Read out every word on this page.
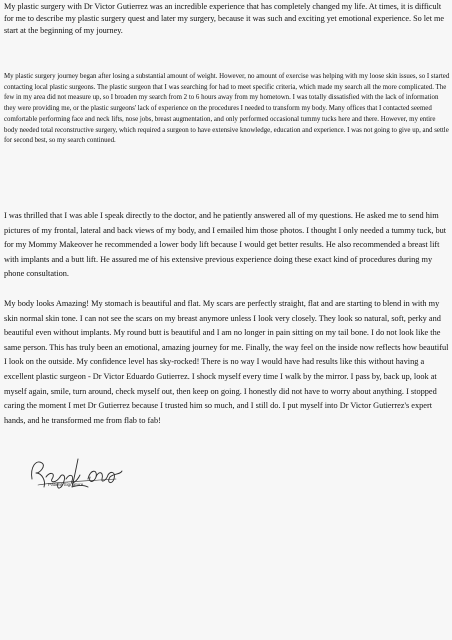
My plastic surgery with Dr Victor Gutierrez was an incredible experience that has completely changed my life. At times, it is difficult for me to describe my plastic surgery quest and later my surgery, because it was such and exciting yet emotional experience. So let me start at the beginning of my journey.

My plastic surgery journey began after losing a substantial amount of weight. However, no amount of exercise was helping with my loose skin issues, so I started contacting local plastic surgeons. The plastic surgeon that I was searching for had to meet specific criteria, which made my search all the more complicated. The few in my area did not measure up, so I broaden my search from 2 to 6 hours away from my hometown. I was totally dissatisfied with the lack of information they were providing me, or the plastic surgeons' lack of experience on the procedures I needed to transform my body. Many offices that I contacted seemed comfortable performing face and neck lifts, nose jobs, breast augmentation, and only performed occasional tummy tucks here and there. However, my entire body needed total reconstructive surgery, which required a surgeon to have extensive knowledge, education and experience. I was not going to give up, and settle for second best, so my search continued.

I was thrilled that I was able I speak directly to the doctor, and he patiently answered all of my questions. He asked me to send him pictures of my frontal, lateral and back views of my body, and I emailed him those photos. I thought I only needed a tummy tuck, but for my Mommy Makeover he recommended a lower body lift because I would get better results. He also recommended a breast lift with implants and a butt lift. He assured me of his extensive previous experience doing these exact kind of procedures during my phone consultation.

My body looks Amazing! My stomach is beautiful and flat. My scars are perfectly straight, flat and are starting to blend in with my skin normal skin tone. I can not see the scars on my breast anymore unless I look very closely. They look so natural, soft, perky and beautiful even without implants. My round butt is beautiful and I am no longer in pain sitting on my tail bone. I do not look like the same person. This has truly been an emotional, amazing journey for me. Finally, the way feel on the inside now reflects how beautiful I look on the outside. My confidence level has sky-rocked! There is no way I would have had results like this without having a excellent plastic surgeon - Dr Victor Eduardo Gutierrez. I shock myself every time I walk by the mirror. I pass by, back up, look at myself again, smile, turn around, check myself out, then keep on going. I honestly did not have to worry about anything. I stopped caring the moment I met Dr Gutierrez because I trusted him so much, and I still do. I put myself into Dr Victor Gutierrez's expert hands, and he transformed me from flab to fab!

Patient Signature
